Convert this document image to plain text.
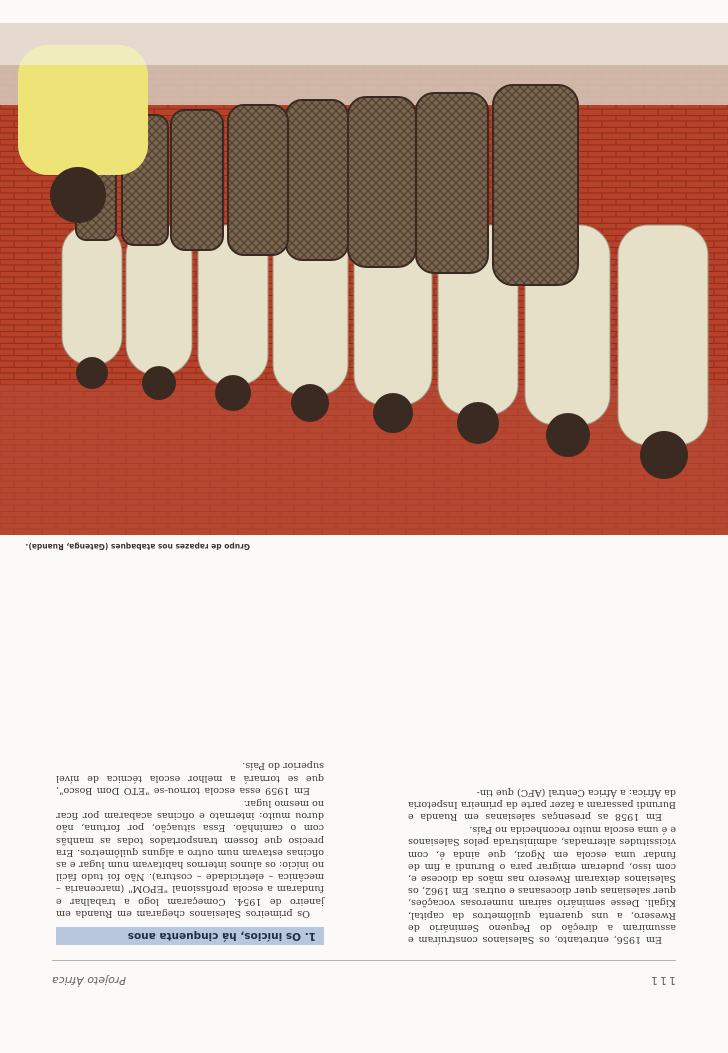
111
Projeto África

Em 1956, entretanto, os Salesianos construíram e assumiram a direção do Pequeno Seminário de Rwesero, a uns quarenta quilômetros da capital, Kigali. Desse seminário saíram numerosas vocações, quer salesianas quer diocesanas e outras. Em 1962, os Salesianos deixaram Rwesero nas mãos da diocese e, com isso, puderam emigrar para o Burundi a fim de fundar uma escola em Ngozi, que ainda é, com vicissitudes alternadas, administrada pelos Salesianos e é uma escola muito reconhecida no País.

Em 1958 as presenças salesianas em Ruanda e Burundi passaram a fazer parte da primeira Inspetoria da África: a África Central (AFC) que tin-

1. Os inícios, há cinquenta anos

Os primeiros Salesianos chegaram em Ruanda em janeiro de 1954. Começaram logo a trabalhar e fundaram a escola profissional "EPOM" (marcenaria – mecânica – eletricidade – costura). Não foi tudo fácil no início: os alunos internos habitavam num lugar e as oficinas estavam num outro a alguns quilômetros. Era preciso que fossem transportados todas as manhãs com o caminhão. Essa situação, por fortuna, não durou muito: internato e oficinas acabaram por ficar no mesmo lugar.

Em 1959 essa escola tornou-se "ETO Dom Bosco", que se tornará a melhor escola técnica de nível superior do País.

Grupo de rapazes nos atabaques (Gatenga, Ruanda).
